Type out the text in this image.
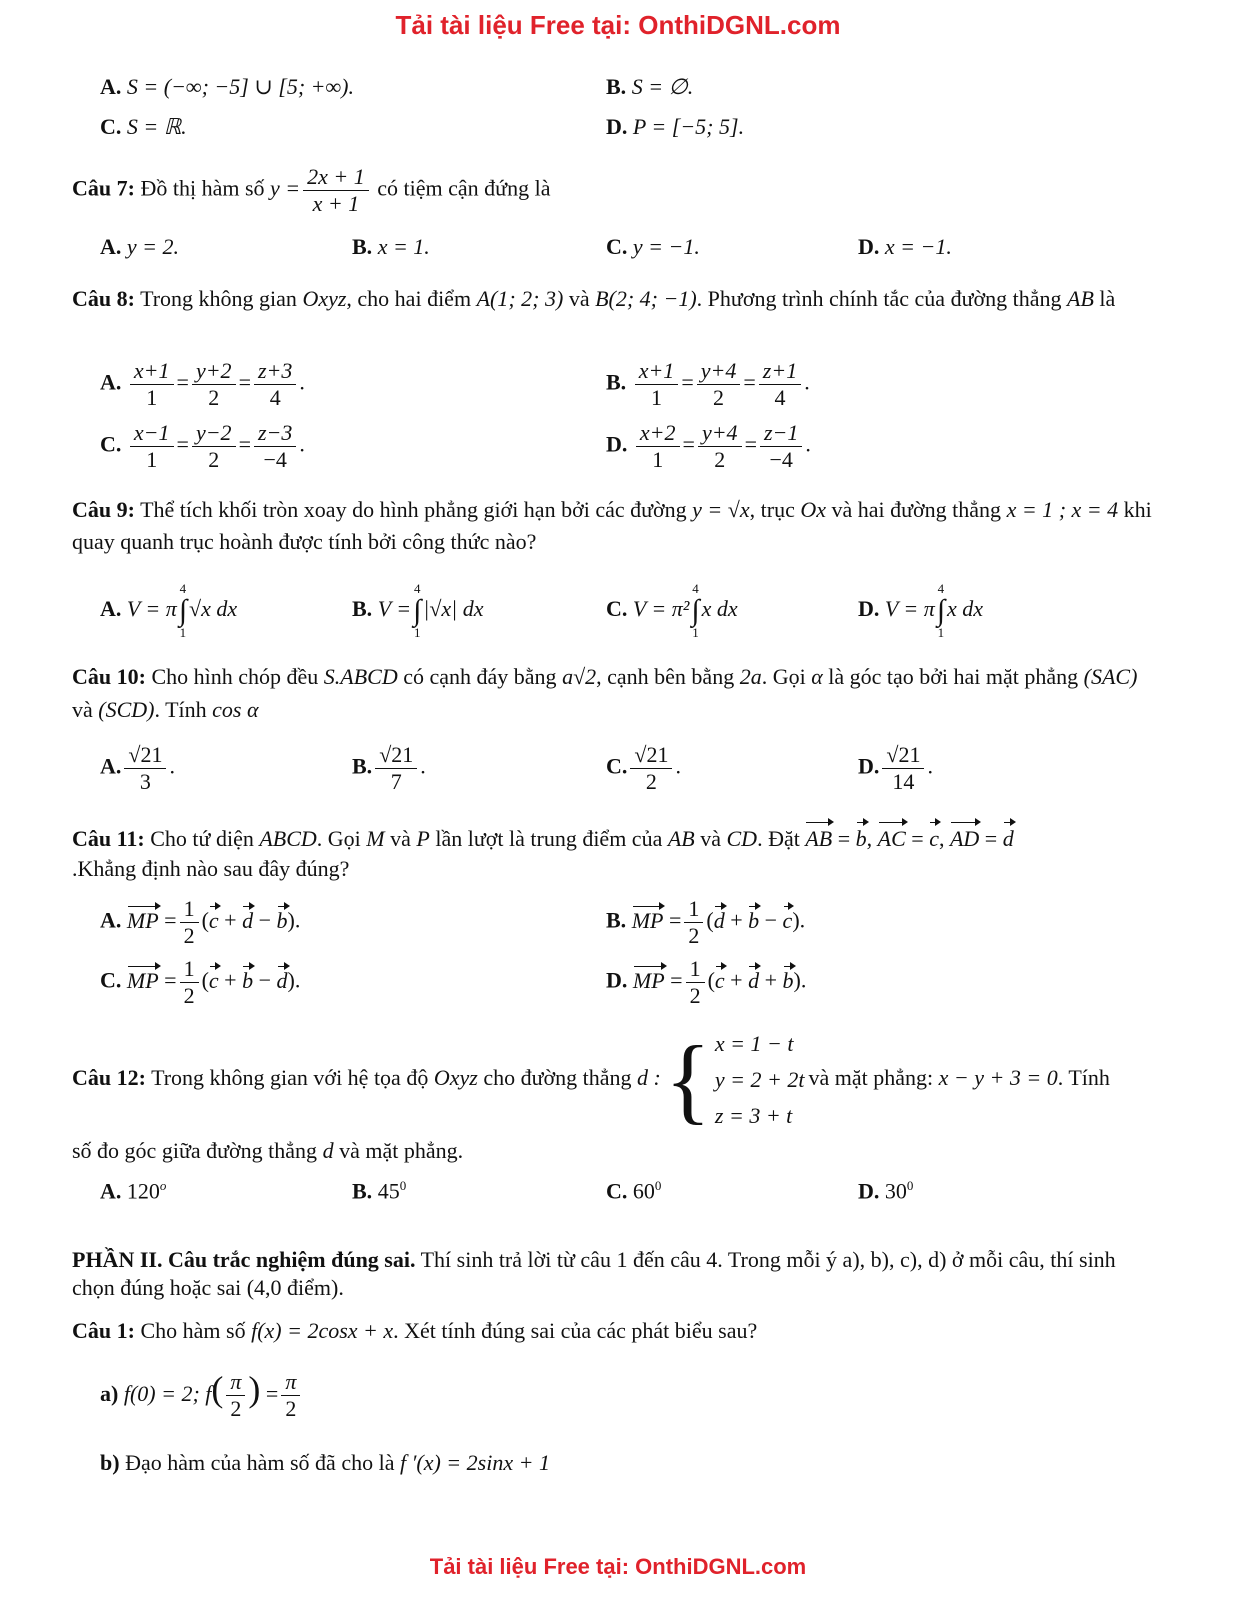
Tải tài liệu Free tại: OnthiDGNL.com
A. S = (−∞; −5] ∪ [5; +∞).	B. S = ∅.
C. S = ℝ.	D. P = [−5; 5].
Câu 7: Đồ thị hàm số $y = \frac{2x + 1}{x + 1}$ có tiệm cận đứng là
A. y = 2.	B. x = 1.	C. y = −1.	D. x = −1.
Câu 8: Trong không gian Oxyz, cho hai điểm A(1; 2; 3) và B(2; 4; −1). Phương trình chính tắc của đường thẳng AB là
A. $\frac{x+1}{1} = \frac{y+2}{2} = \frac{z+3}{4}$ .	B. $\frac{x+1}{1} = \frac{y+4}{2} = \frac{z+1}{4}$ .
C. $\frac{x-1}{1} = \frac{y-2}{2} = \frac{z-3}{-4}$ .	D. $\frac{x+2}{1} = \frac{y+4}{2} = \frac{z-1}{-4}$ .
Câu 9: Thể tích khối tròn xoay do hình phẳng giới hạn bởi các đường y = √x, trục Ox và hai đường thẳng x = 1 ; x = 4 khi quay quanh trục hoành được tính bởi công thức nào?
A. V = π
4
∫
1
√x dx	B. V =
4
∫
1
|√x| dx	C. V = π²
4
∫
1
x dx	D. V = π
4
∫
1
x dx
Câu 10: Cho hình chóp đều S.ABCD có cạnh đáy bằng a√2, cạnh bên bằng 2a. Gọi α là góc tạo bởi hai mặt phẳng (SAC) và (SCD). Tính cos α
A. $\frac{√21}{3}$ .	B. $\frac{√21}{7}$ .	C. $\frac{√21}{2}$ .	D. $\frac{√21}{14}$ .
Câu 11: Cho tứ diện ABCD. Gọi M và P lần lượt là trung điểm của AB và CD. Đặt AB = b, AC = c, AD = d
.Khẳng định nào sau đây đúng?
A. MP = $\frac{1}{2} (c + d - b)$.	B. MP = $\frac{1}{2} (d + b - c)$.
C. MP = $\frac{1}{2} (c + b - d)$.	D. MP = $\frac{1}{2} (c + d + b)$.
Câu 12: Trong không gian với hệ tọa độ Oxyz cho đường thẳng d : { x = 1 − t
y = 2 + 2t
z = 3 + t
và mặt phẳng: x − y + 3 = 0. Tính
số đo góc giữa đường thẳng d và mặt phẳng.
A. 120$^o$	B. $45^0$	C. $60^0$	D. $30^0$
PHẦN II. Câu trắc nghiệm đúng sai. Thí sinh trả lời từ câu 1 đến câu 4. Trong mỗi ý a), b), c), d) ở mỗi câu, thí sinh chọn đúng hoặc sai (4,0 điểm).
Câu 1: Cho hàm số f(x) = 2cosx + x. Xét tính đúng sai của các phát biểu sau?
a) f(0) = 2; $f( \frac{\pi}{2}$ ) = $\frac{\pi}{2}$
b) Đạo hàm của hàm số đã cho là f ′(x) = 2sinx + 1
Tải tài liệu Free tại: OnthiDGNL.com
